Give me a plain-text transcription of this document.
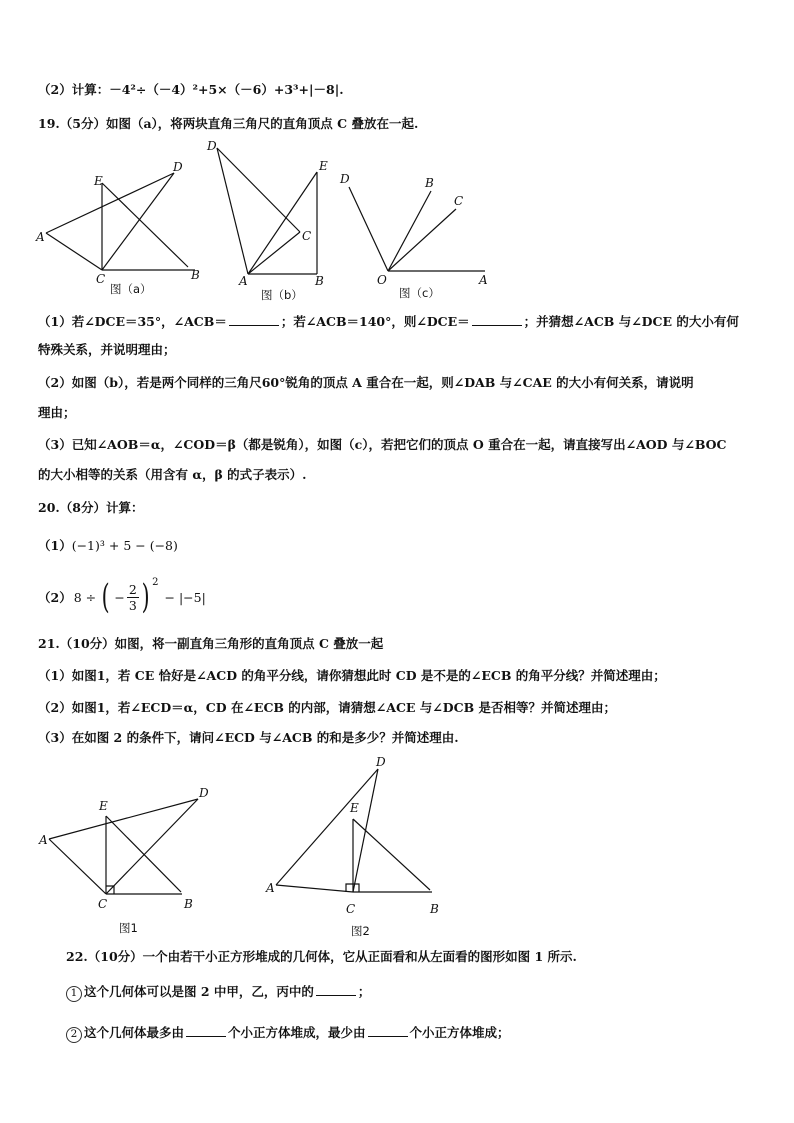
（2）计算：－4²÷（－4）²+5×（－6）+3³+|－8|.
19.（5分）如图（a），将两块直角三角尺的直角顶点 C 叠放在一起.
A
E
D
C	B
图（a）
D
E
C
A	B
图（b）
D	B
C
O	A
图（c）
（1）若∠DCE＝35°，∠ACB＝	；若∠ACB＝140°，则∠DCE＝	；并猜想∠ACB 与∠DCE 的大小有何
特殊关系，并说明理由；
（2）如图（b），若是两个同样的三角尺60°锐角的顶点 A 重合在一起，则∠DAB 与∠CAE 的大小有何关系，请说明
理由；
（3）已知∠AOB＝α，∠COD＝β（都是锐角），如图（c），若把它们的顶点 O 重合在一起，请直接写出∠AOD 与∠BOC
的大小相等的关系（用含有 α，β 的式子表示）.
20.（8分）计算：
（1）(−1)³ + 5 − (−8)
（2） 8 ÷ ( −
2
3 ) 2
− |−5|
21.（10分）如图，将一副直角三角形的直角顶点 C 叠放一起
（1）如图1，若 CE 恰好是∠ACD 的角平分线，请你猜想此时 CD 是不是的∠ECB 的角平分线？并简述理由；
（2）如图1，若∠ECD＝α，CD 在∠ECB 的内部，请猜想∠ACE 与∠DCB 是否相等？并简述理由；
（3）在如图 2 的条件下，请问∠ECD 与∠ACB 的和是多少？并简述理由.
A
E
D
C	B
图1
A
E
D
C	B
图2
22.（10分）一个由若干小正方形堆成的几何体，它从正面看和从左面看的图形如图 1 所示.
1 这个几何体可以是图 2 中甲，乙，丙中的	；
2 这个几何体最多由	个小正方体堆成，最少由	个小正方体堆成；
